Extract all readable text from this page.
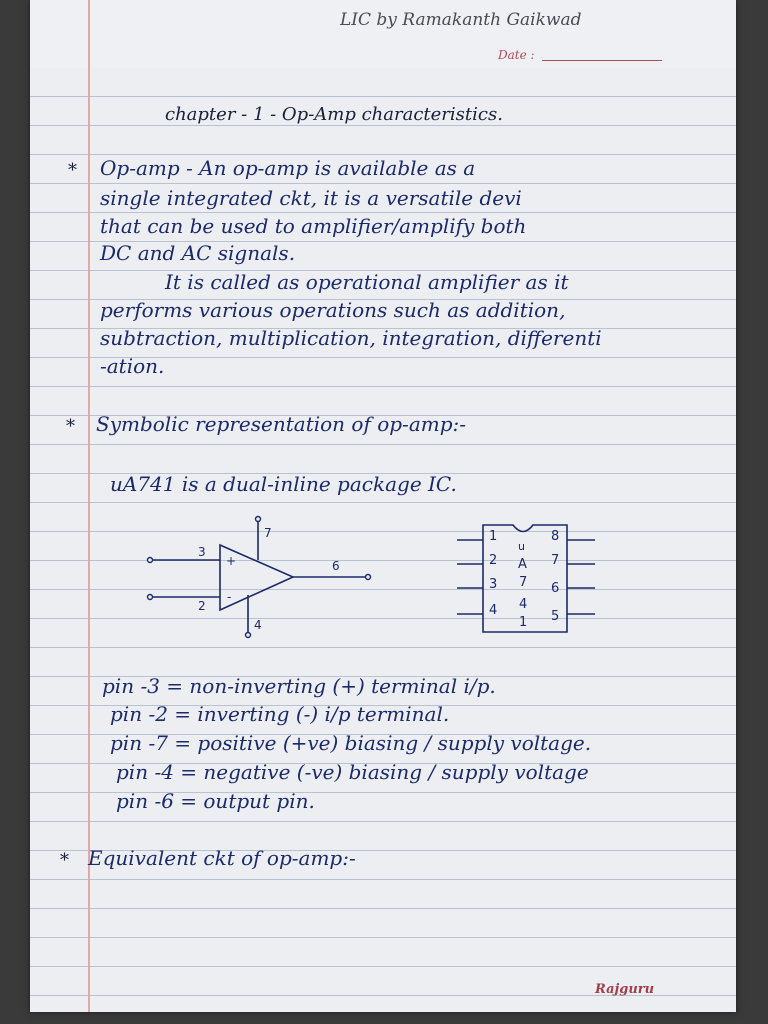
LIC by Ramakanth Gaikwad
Date :
chapter - 1 - Op-Amp characteristics.
* Op-amp - An op-amp is available as a
single integrated ckt, it is a versatile devi
that can be used to amplifier/amplify both
DC and AC signals.
It is called as operational amplifier as it
performs various operations such as addition,
subtraction, multiplication, integration, differenti
-ation.
* Symbolic representation of op-amp:-
uA741 is a dual-inline package IC.
3
2
7
4
6
+
-
1
2
3
4
8
7
6
5
u
A
7
4
1
pin -3 = non-inverting (+) terminal i/p.
pin -2 = inverting (-) i/p terminal.
pin -7 = positive (+ve) biasing / supply voltage.
pin -4 = negative (-ve) biasing / supply voltage
pin -6 = output pin.
* Equivalent ckt of op-amp:-
Rajguru
